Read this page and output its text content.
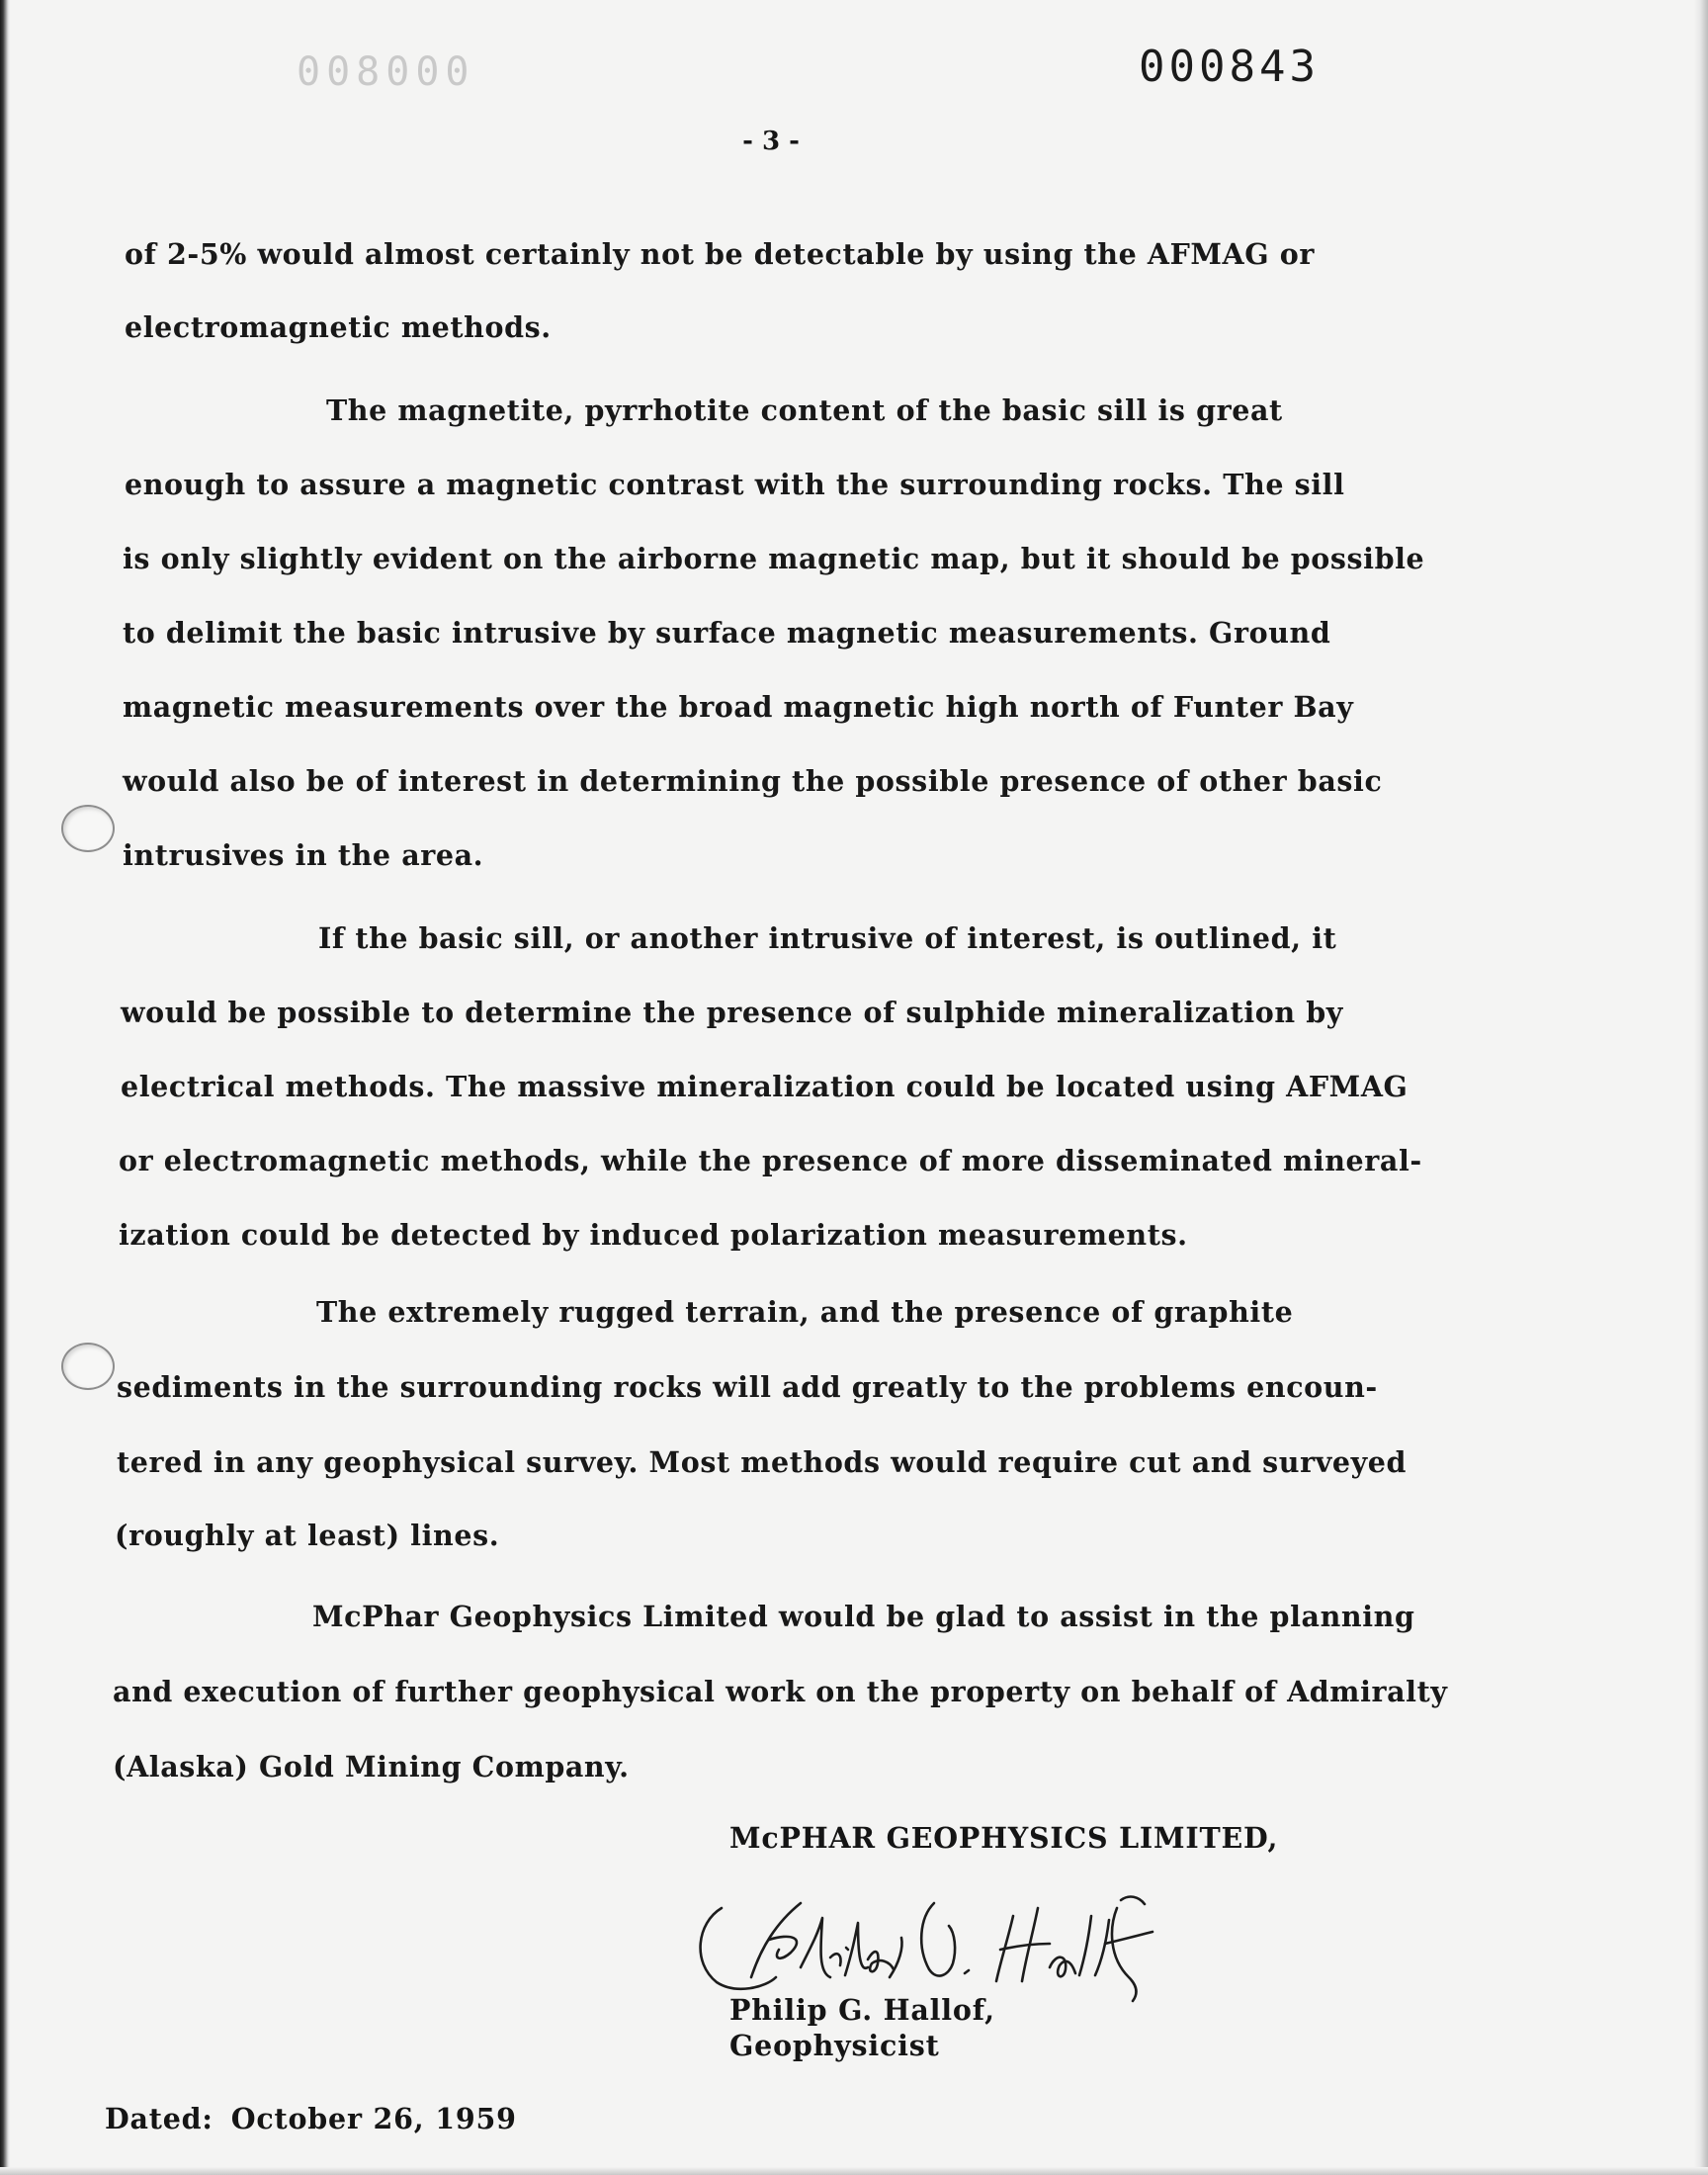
008000	000843
- 3 -
of 2-5% would almost certainly not be detectable by using the AFMAG or
electromagnetic methods.
The magnetite, pyrrhotite content of the basic sill is great
enough to assure a magnetic contrast with the surrounding rocks. The sill
is only slightly evident on the airborne magnetic map, but it should be possible
to delimit the basic intrusive by surface magnetic measurements. Ground
magnetic measurements over the broad magnetic high north of Funter Bay
would also be of interest in determining the possible presence of other basic
intrusives in the area.
If the basic sill, or another intrusive of interest, is outlined, it
would be possible to determine the presence of sulphide mineralization by
electrical methods. The massive mineralization could be located using AFMAG
or electromagnetic methods, while the presence of more disseminated mineral-
ization could be detected by induced polarization measurements.
The extremely rugged terrain, and the presence of graphite
sediments in the surrounding rocks will add greatly to the problems encoun-
tered in any geophysical survey. Most methods would require cut and surveyed
(roughly at least) lines.
McPhar Geophysics Limited would be glad to assist in the planning
and execution of further geophysical work on the property on behalf of Admiralty
(Alaska) Gold Mining Company.
McPHAR GEOPHYSICS LIMITED,
Philip G. Hallof,
Geophysicist
Dated: October 26, 1959
